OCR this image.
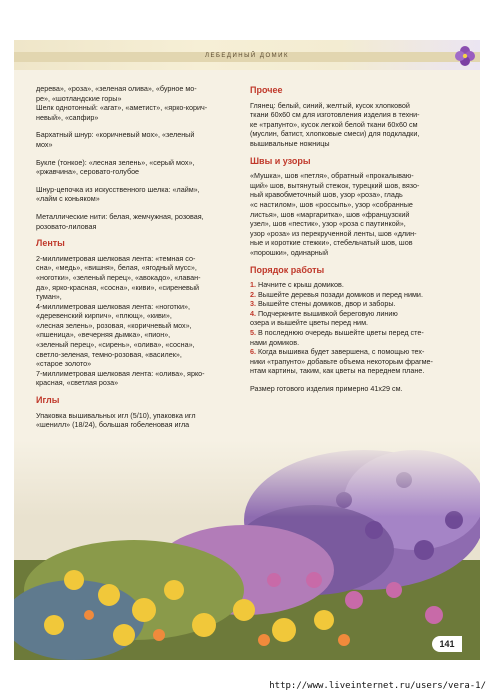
ЛЕБЕДИНЫЙ ДОМИК

дерева», «роза», «зеленая олива», «бурное мо-
ре», «шотландские горы»
Шелк однотонный: «агат», «аметист», «ярко-корич-
невый», «сапфир»

Бархатный шнур: «коричневый мох», «зеленый
мох»

Букле (тонкое): «лесная зелень», «серый мох»,
«ржавчина», серовато-голубое

Шнур-цепочка из искусственного шелка: «лайм»,
«лайм с коньяком»

Металлические нити: белая, жемчужная, розовая,
розовато-лиловая

Ленты

2-миллиметровая шелковая лента: «темная со-
сна», «медь», «вишня», белая, «ягодный мусс»,
«ноготки», «зеленый перец», «авокадо», «лаван-
да», ярко-красная, «сосна», «киви», «сиреневый
туман»,
4-миллиметровая шелковая лента: «ноготки»,
«деревенский кирпич», «плющ», «киви»,
«лесная зелень», розовая, «коричневый мох»,
«пшеница», «вечерняя дымка», «пион»,
«зеленый перец», «сирень», «олива», «сосна»,
светло-зеленая, темно-розовая, «василек»,
«старое золото»
7-миллиметровая шелковая лента: «олива», ярко-
красная, «светлая роза»

Иглы

Упаковка вышивальных игл (5/10), упаковка игл
«шенилл» (18/24), большая гобеленовая игла

Прочее

Глянец: белый, синий, желтый, кусок хлопковой
ткани 60x60 см для изготовления изделия в техни-
ке «трапунто», кусок легкой белой ткани 60x60 см
(муслин, батист, хлопковые смеси) для подкладки,
вышивальные ножницы

Швы и узоры

«Мушка», шов «петля», обратный «прокалываю-
щий» шов, вытянутый стежок, турецкий шов, вязо-
ный кравобметочный шов, узор «роза», гладь
«с настилом», шов «россыпь», узор «собранные
листья», шов «маргаритка», шов «французский
узел», шов «пестик», узор «роза с паутинкой»,
узор «роза» из перекрученной ленты, шов «длин-
ные и короткие стежки», стебельчатый шов, шов
«порошки», одинарный

Порядок работы
1. Начните с крыш домиков.
2. Вышейте деревья позади домиков и перед ними.
3. Вышейте стены домиков, двор и заборы.
4. Подчеркните вышивкой береговую линию
озера и вышейте цветы перед ним.
5. В последнюю очередь вышейте цветы перед сте-
нами домиков.
6. Когда вышивка будет завершена, с помощью тех-
ники «трапунто» добавьте объема некоторым фрагме-
нтам картины, таким, как цветы на переднем плане.

Размер готового изделия примерно 41x29 см.

141
http://www.liveinternet.ru/users/vera-1/
